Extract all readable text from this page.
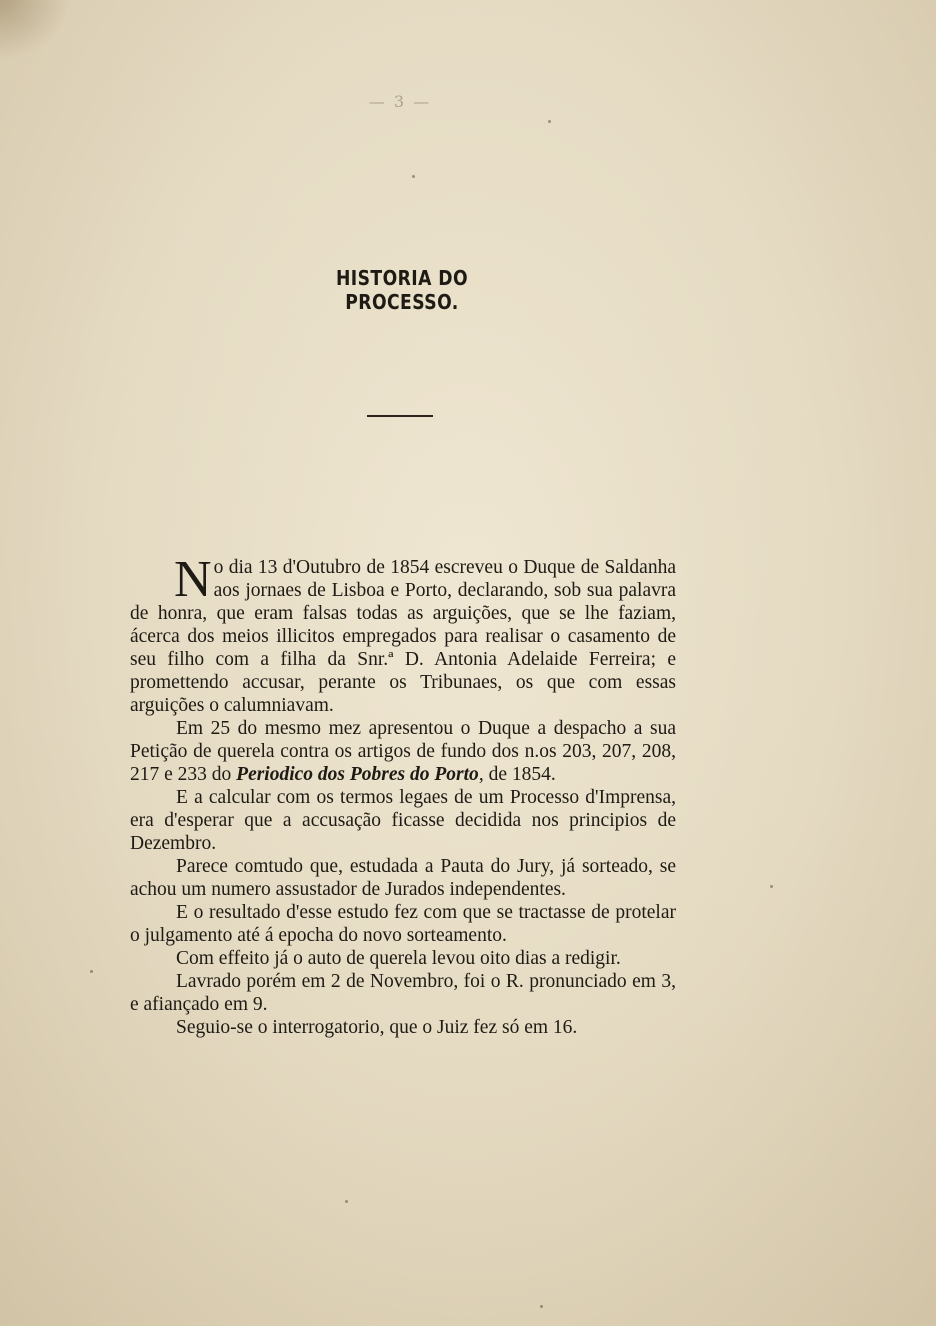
— 3 —
HISTORIA DO PROCESSO.

No dia 13 d'Outubro de 1854 escreveu o Duque de Saldanha aos jornaes de Lisboa e Porto, declarando, sob sua palavra de honra, que eram falsas todas as arguições, que se lhe faziam, ácerca dos meios illicitos empregados para realisar o casamento de seu filho com a filha da Snr.ª D. Antonia Adelaide Ferreira; e promettendo accusar, perante os Tribunaes, os que com essas arguições o calumniavam.

Em 25 do mesmo mez apresentou o Duque a despacho a sua Petição de querela contra os artigos de fundo dos n.os 203, 207, 208, 217 e 233 do Periodico dos Pobres do Porto, de 1854.

E a calcular com os termos legaes de um Processo d'Imprensa, era d'esperar que a accusação ficasse decidida nos principios de Dezembro.

Parece comtudo que, estudada a Pauta do Jury, já sorteado, se achou um numero assustador de Jurados independentes.

E o resultado d'esse estudo fez com que se tractasse de protelar o julgamento até á epocha do novo sorteamento.

Com effeito já o auto de querela levou oito dias a redigir.

Lavrado porém em 2 de Novembro, foi o R. pronunciado em 3, e afiançado em 9.

Seguio-se o interrogatorio, que o Juiz fez só em 16.
